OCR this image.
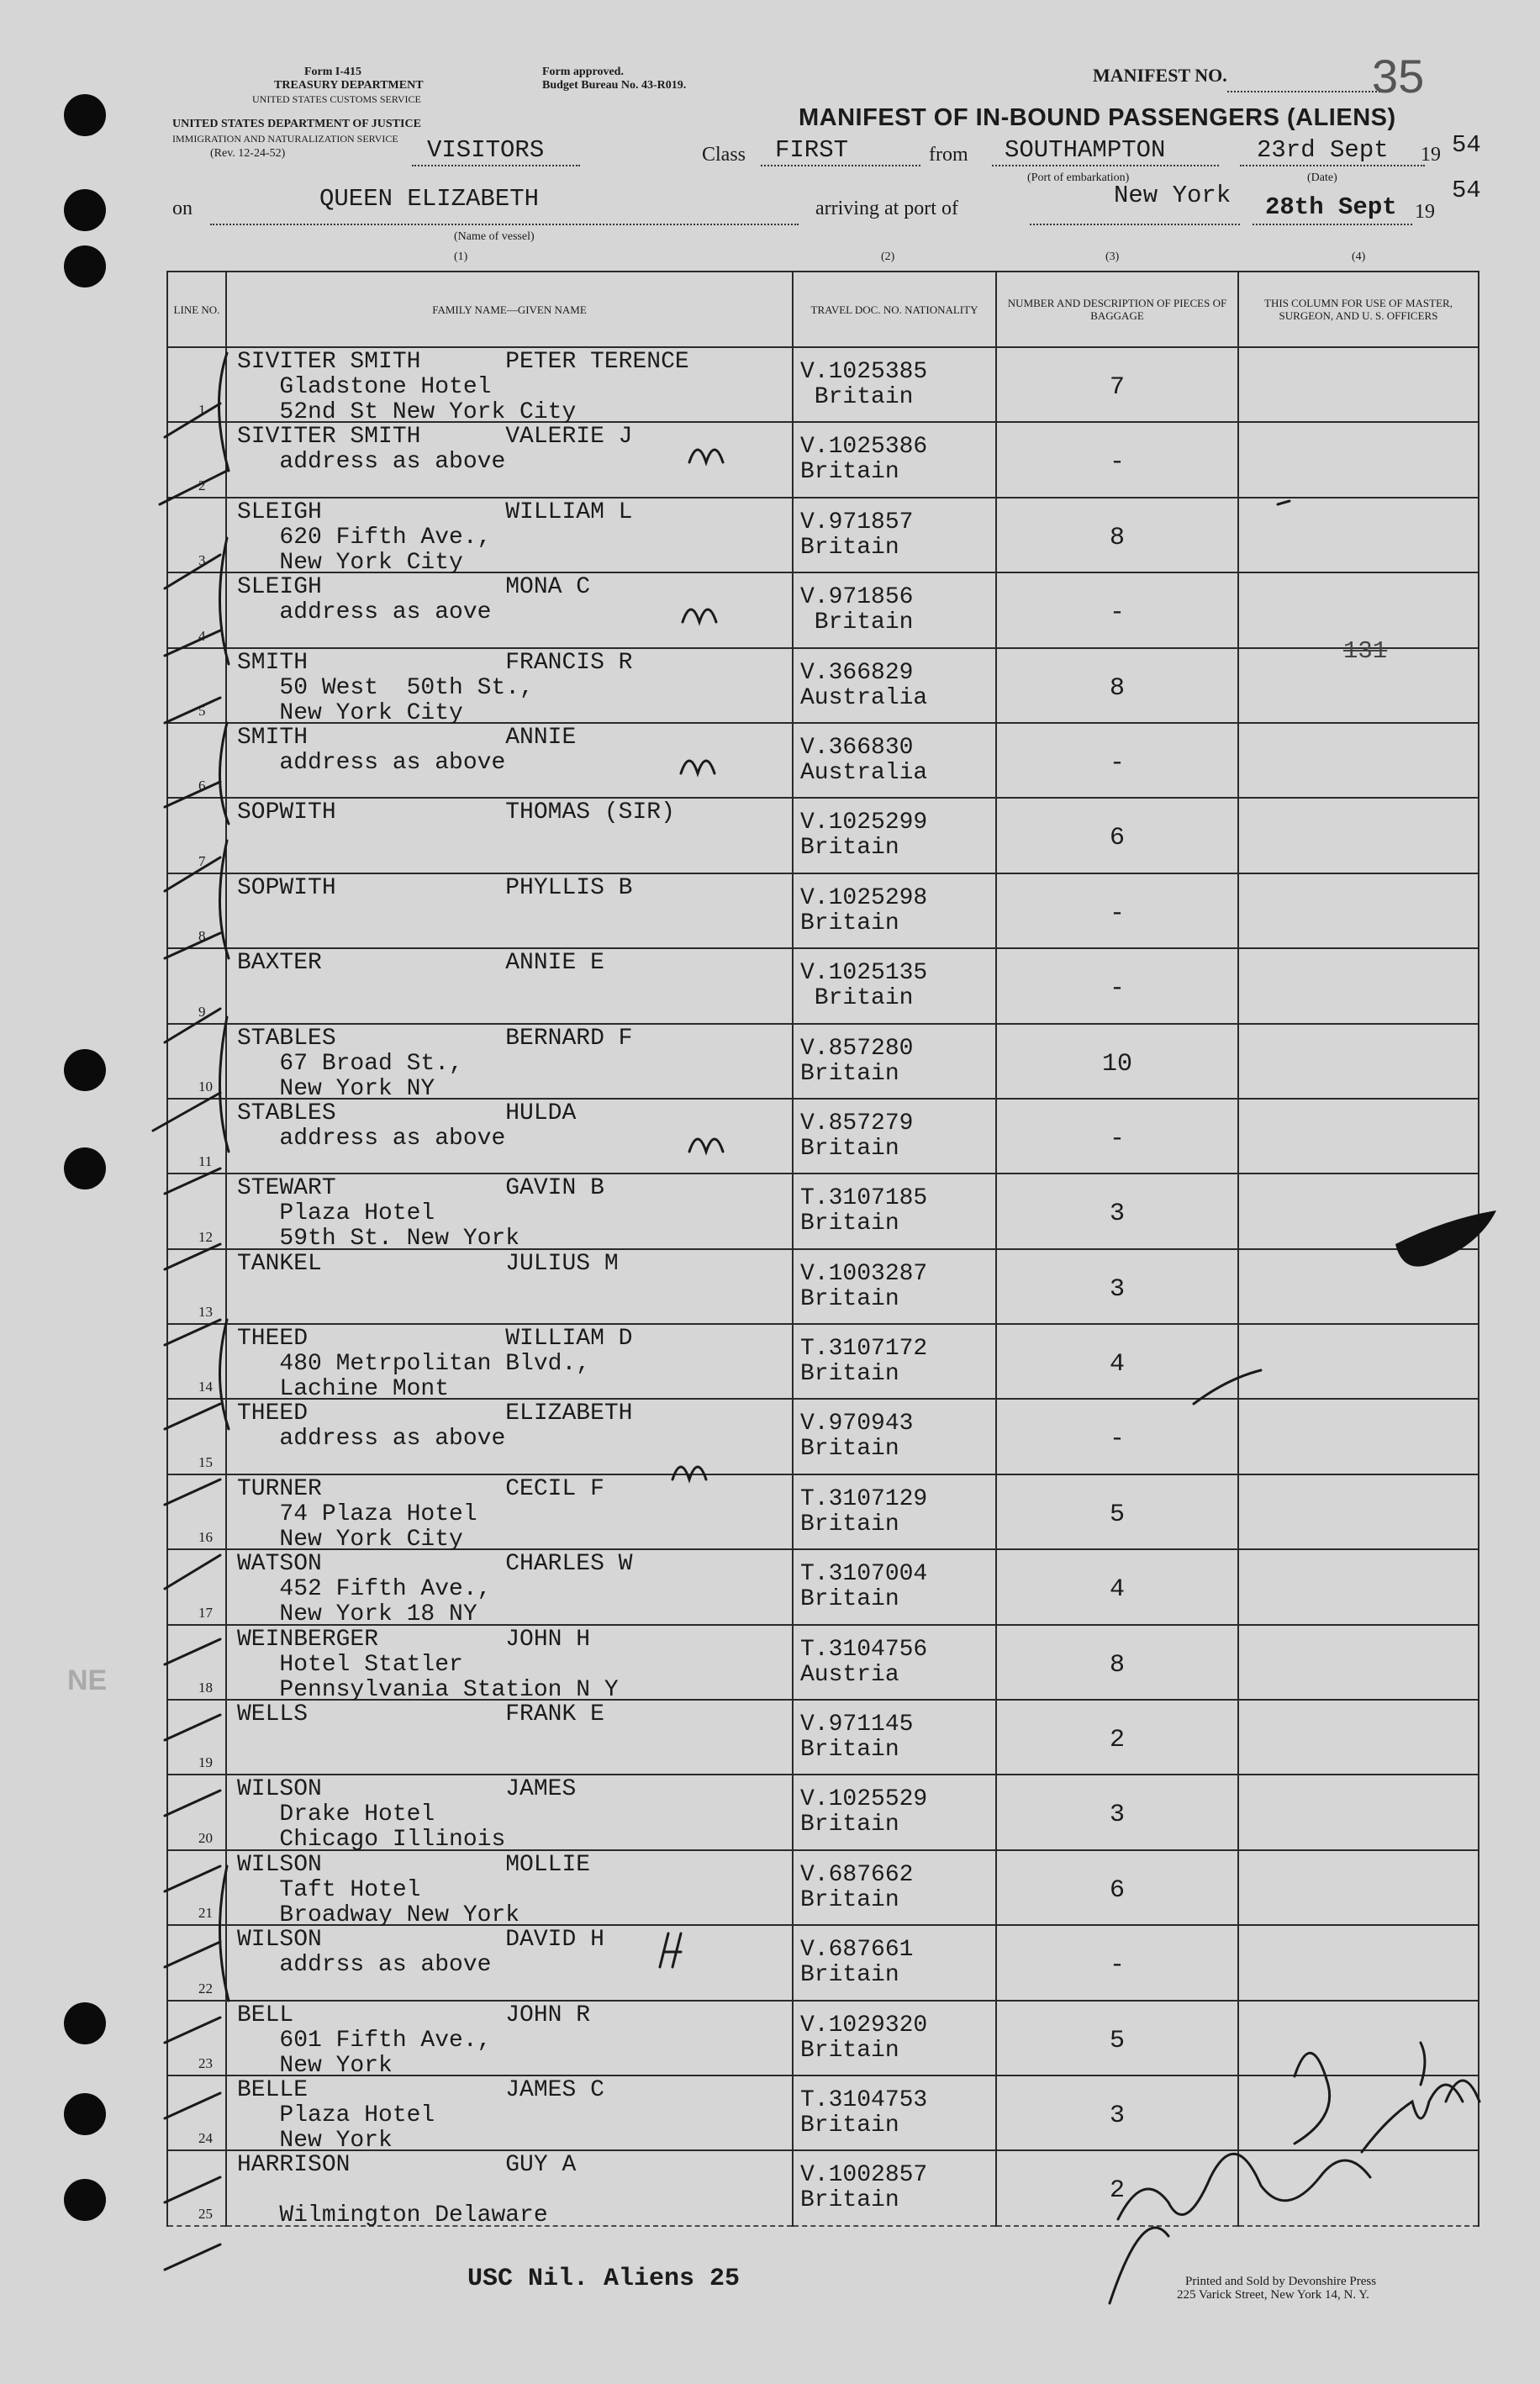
Form I-415
TREASURY DEPARTMENT
UNITED STATES CUSTOMS SERVICE
Form approved.
Budget Bureau No. 43-R019.
UNITED STATES DEPARTMENT OF JUSTICE
IMMIGRATION AND NATURALIZATION SERVICE
(Rev. 12-24-52)
MANIFEST NO.	35
MANIFEST OF IN-BOUND PASSENGERS (ALIENS)
VISITORS	Class FIRST	from SOUTHAMPTON
(Port of embarkation)
23rd Sept 19 54
(Date)
on	QUEEN ELIZABETH
(Name of vessel)
arriving at port of	New York 28th Sept 19
54
(1)	(2)	(3)	(4)
LINE NO.	FAMILY NAME—GIVEN NAME	TRAVEL DOC. NO. NATIONALITY	NUMBER AND DESCRIPTION OF PIECES OF BAGGAGE	THIS COLUMN FOR USE OF MASTER, SURGEON, AND U. S. OFFICERS

1	SIVITER SMITH      PETER TERENCE
Gladstone Hotel
52nd St New York City	V.1025385
Britain	7	

2	SIVITER SMITH      VALERIE J
address as above	V.1025386
Britain	-	

3	SLEIGH             WILLIAM L
620 Fifth Ave.,
New York City	V.971857
Britain	8	

4	SLEIGH             MONA C
address as aove	V.971856
Britain	-	

5	SMITH              FRANCIS R
50 West  50th St.,
New York City	V.366829
Australia	8	

6	SMITH              ANNIE
address as above	V.366830
Australia	-	

7	SOPWITH            THOMAS (SIR)	V.1025299
Britain	6	

8	SOPWITH            PHYLLIS B	V.1025298
Britain	-	

9	BAXTER             ANNIE E	V.1025135
Britain	-	

10	STABLES            BERNARD F
67 Broad St.,
New York NY	V.857280
Britain	10	

11	STABLES            HULDA
address as above	V.857279
Britain	-	

12	STEWART            GAVIN B
Plaza Hotel
59th St. New York	T.3107185
Britain	3	

13	TANKEL             JULIUS M	V.1003287
Britain	3	

14	THEED              WILLIAM D
480 Metrpolitan Blvd.,
Lachine Mont	T.3107172
Britain	4	

15	THEED              ELIZABETH
address as above	V.970943
Britain	-	

16	TURNER             CECIL F
74 Plaza Hotel
New York City	T.3107129
Britain	5	

17	WATSON             CHARLES W
452 Fifth Ave.,
New York 18 NY	T.3107004
Britain	4	

18	WEINBERGER         JOHN H
Hotel Statler
Pennsylvania Station N Y	T.3104756
Austria	8	

19	WELLS              FRANK E	V.971145
Britain	2	

20	WILSON             JAMES
Drake Hotel
Chicago Illinois	V.1025529
Britain	3	

21	WILSON             MOLLIE
Taft Hotel
Broadway New York	V.687662
Britain	6	

22	WILSON             DAVID H
addrss as above	V.687661
Britain	-	

23	BELL               JOHN R
601 Fifth Ave.,
New York	V.1029320
Britain	5	

24	BELLE              JAMES C
Plaza Hotel
New York	T.3104753
Britain	3	

25	HARRISON           GUY A

Wilmington Delaware	V.1002857
Britain	2	

131
NE
USC Nil. Aliens 25	Printed and Sold by Devonshire Press
225 Varick Street, New York 14, N. Y.
